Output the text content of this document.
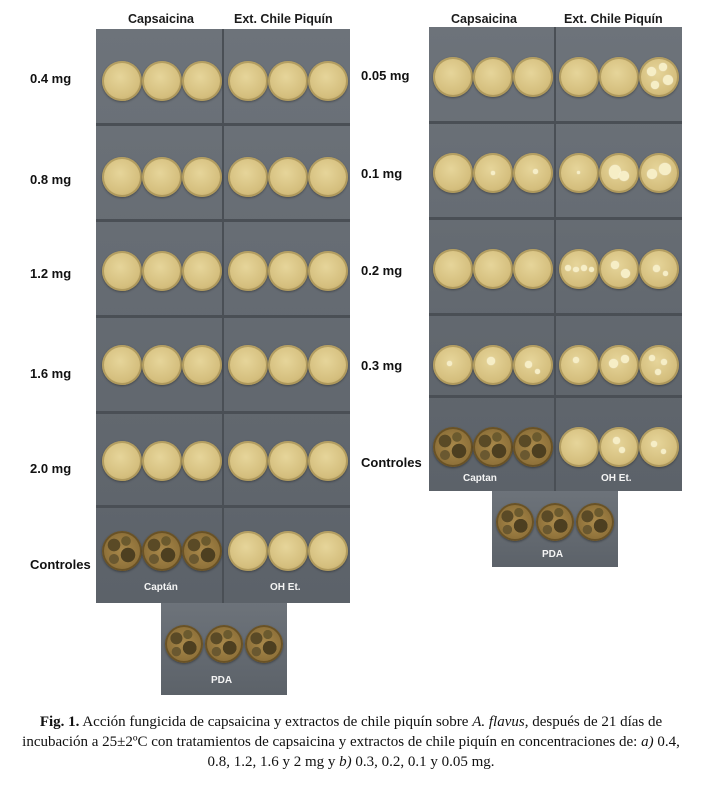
Capsaicina	Ext. Chile Piquín
0.4 mg
0.8 mg
1.2 mg
1.6 mg
2.0 mg
Controles
Captán	OH Et.
PDA
Capsaicina	Ext. Chile Piquín
0.05 mg
0.1 mg
0.2 mg
0.3 mg
Controles
Captan	OH Et.
PDA
Fig. 1. Acción fungicida de capsaicina y extractos de chile piquín sobre A. flavus, después de 21 días de incubación a 25±2ºC con tratamientos de capsaicina y extractos de chile piquín en concentraciones de: a) 0.4, 0.8, 1.2, 1.6 y 2 mg y b) 0.3, 0.2, 0.1 y 0.05 mg.
